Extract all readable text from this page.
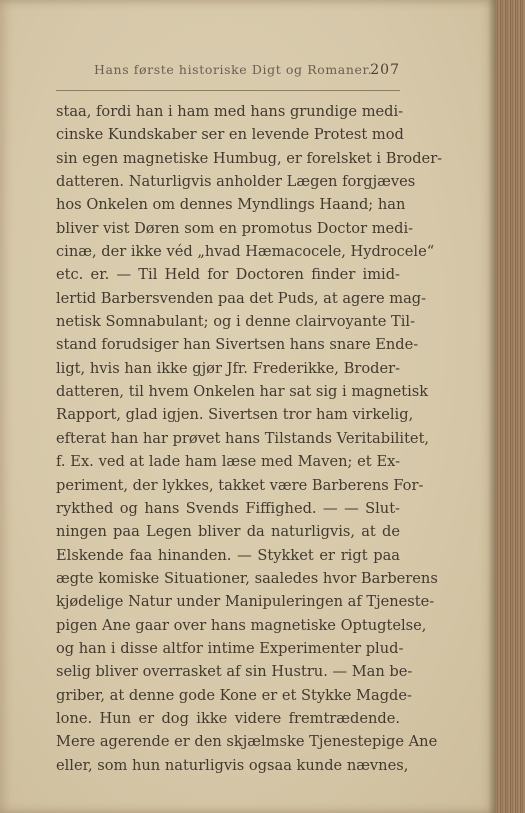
Hans første historiske Digt og Romaner.
207
staa, fordi han i ham med hans grundige medi-
cinske Kundskaber ser en levende Protest mod
sin egen magnetiske Humbug, er forelsket i Broder-
datteren. Naturligvis anholder Lægen forgjæves
hos Onkelen om dennes Myndlings Haand; han
bliver vist Døren som en promotus Doctor medi-
cinæ, der ikke véd „hvad Hæmacocele, Hydrocele“
etc. er. — Til Held for Doctoren finder imid-
lertid Barbersvenden paa det Puds, at agere mag-
netisk Somnabulant; og i denne clairvoyante Til-
stand forudsiger han Sivertsen hans snare Ende-
ligt, hvis han ikke gjør Jfr. Frederikke, Broder-
datteren, til hvem Onkelen har sat sig i magnetisk
Rapport, glad igjen. Sivertsen tror ham virkelig,
efterat han har prøvet hans Tilstands Veritabilitet,
f. Ex. ved at lade ham læse med Maven; et Ex-
periment, der lykkes, takket være Barberens For-
rykthed og hans Svends Fiffighed. — — Slut-
ningen paa Legen bliver da naturligvis, at de
Elskende faa hinanden. — Stykket er rigt paa
ægte komiske Situationer, saaledes hvor Barberens
kjødelige Natur under Manipuleringen af Tjeneste-
pigen Ane gaar over hans magnetiske Optugtelse,
og han i disse altfor intime Experimenter plud-
selig bliver overrasket af sin Hustru. — Man be-
griber, at denne gode Kone er et Stykke Magde-
lone. Hun er dog ikke videre fremtrædende.
Mere agerende er den skjælmske Tjenestepige Ane
eller, som hun naturligvis ogsaa kunde nævnes,
